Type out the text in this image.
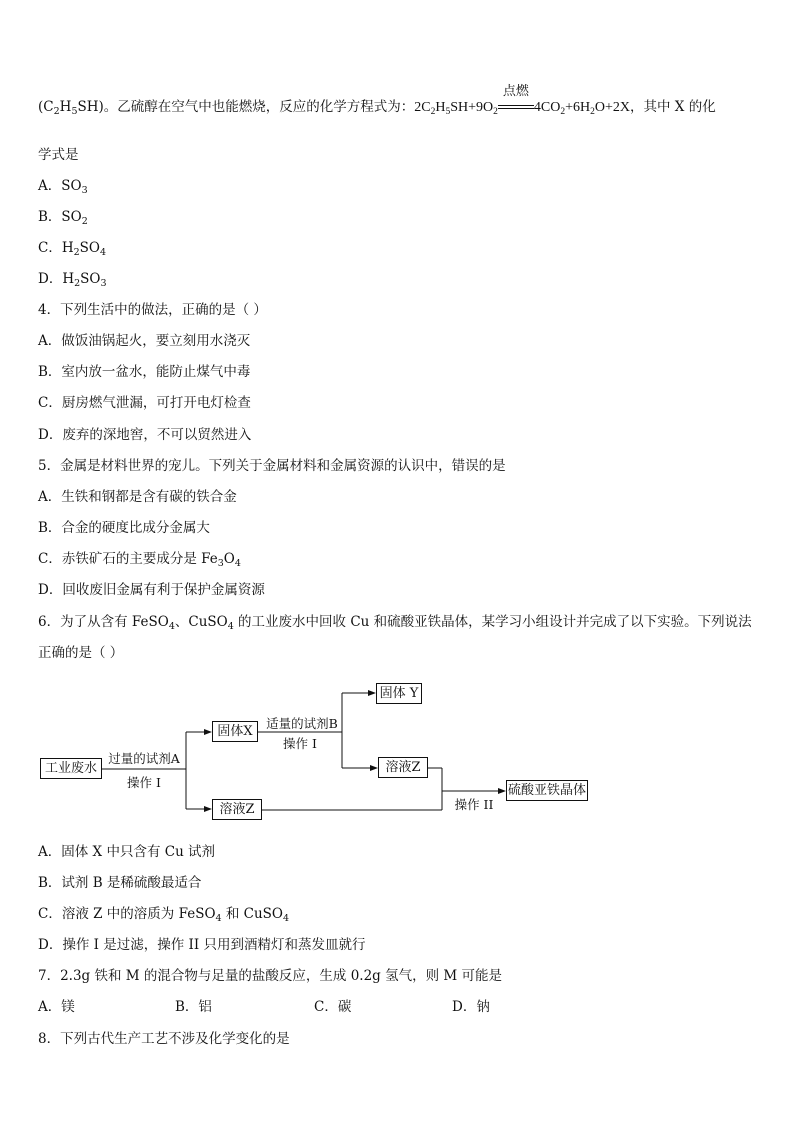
$(C_2H_5SH)$。乙硫醇在空气中也能燃烧，反应的化学方程式为：$2C_2H_5SH+9O_2$
点燃
$4CO_2+6H_2O+2X$，其中 X 的化
学式是
A．$SO_3$
B．$SO_2$
C．$H_2SO_4$
D．$H_2SO_3$
4．下列生活中的做法，正确的是（ ）
A．做饭油锅起火，要立刻用水浇灭
B．室内放一盆水，能防止煤气中毒
C．厨房燃气泄漏，可打开电灯检查
D．废弃的深地窖，不可以贸然进入
5．金属是材料世界的宠儿。下列关于金属材料和金属资源的认识中，错误的是
A．生铁和钢都是含有碳的铁合金
B．合金的硬度比成分金属大
C．赤铁矿石的主要成分是 $Fe_3O_4$
D．回收废旧金属有利于保护金属资源
6．为了从含有 FeSO$_4$、CuSO$_4$ 的工业废水中回收 Cu 和硫酸亚铁晶体，某学习小组设计并完成了以下实验。下列说法
正确的是（ ）
工业废水
过量的试剂A
操作 I
固体X
溶液Z
适量的试剂B
操作 I
固体 Y
溶液Z
操作 II
硫酸亚铁晶体
A．固体 X 中只含有 Cu 试剂
B．试剂 B 是稀硫酸最适合
C．溶液 Z 中的溶质为 FeSO$_4$ 和 CuSO$_4$
D．操作 I 是过滤，操作 II 只用到酒精灯和蒸发皿就行
7．2.3g 铁和 M 的混合物与足量的盐酸反应，生成 0.2g 氢气，则 M 可能是
A．镁	B．铝	C．碳	D．钠
8．下列古代生产工艺不涉及化学变化的是
